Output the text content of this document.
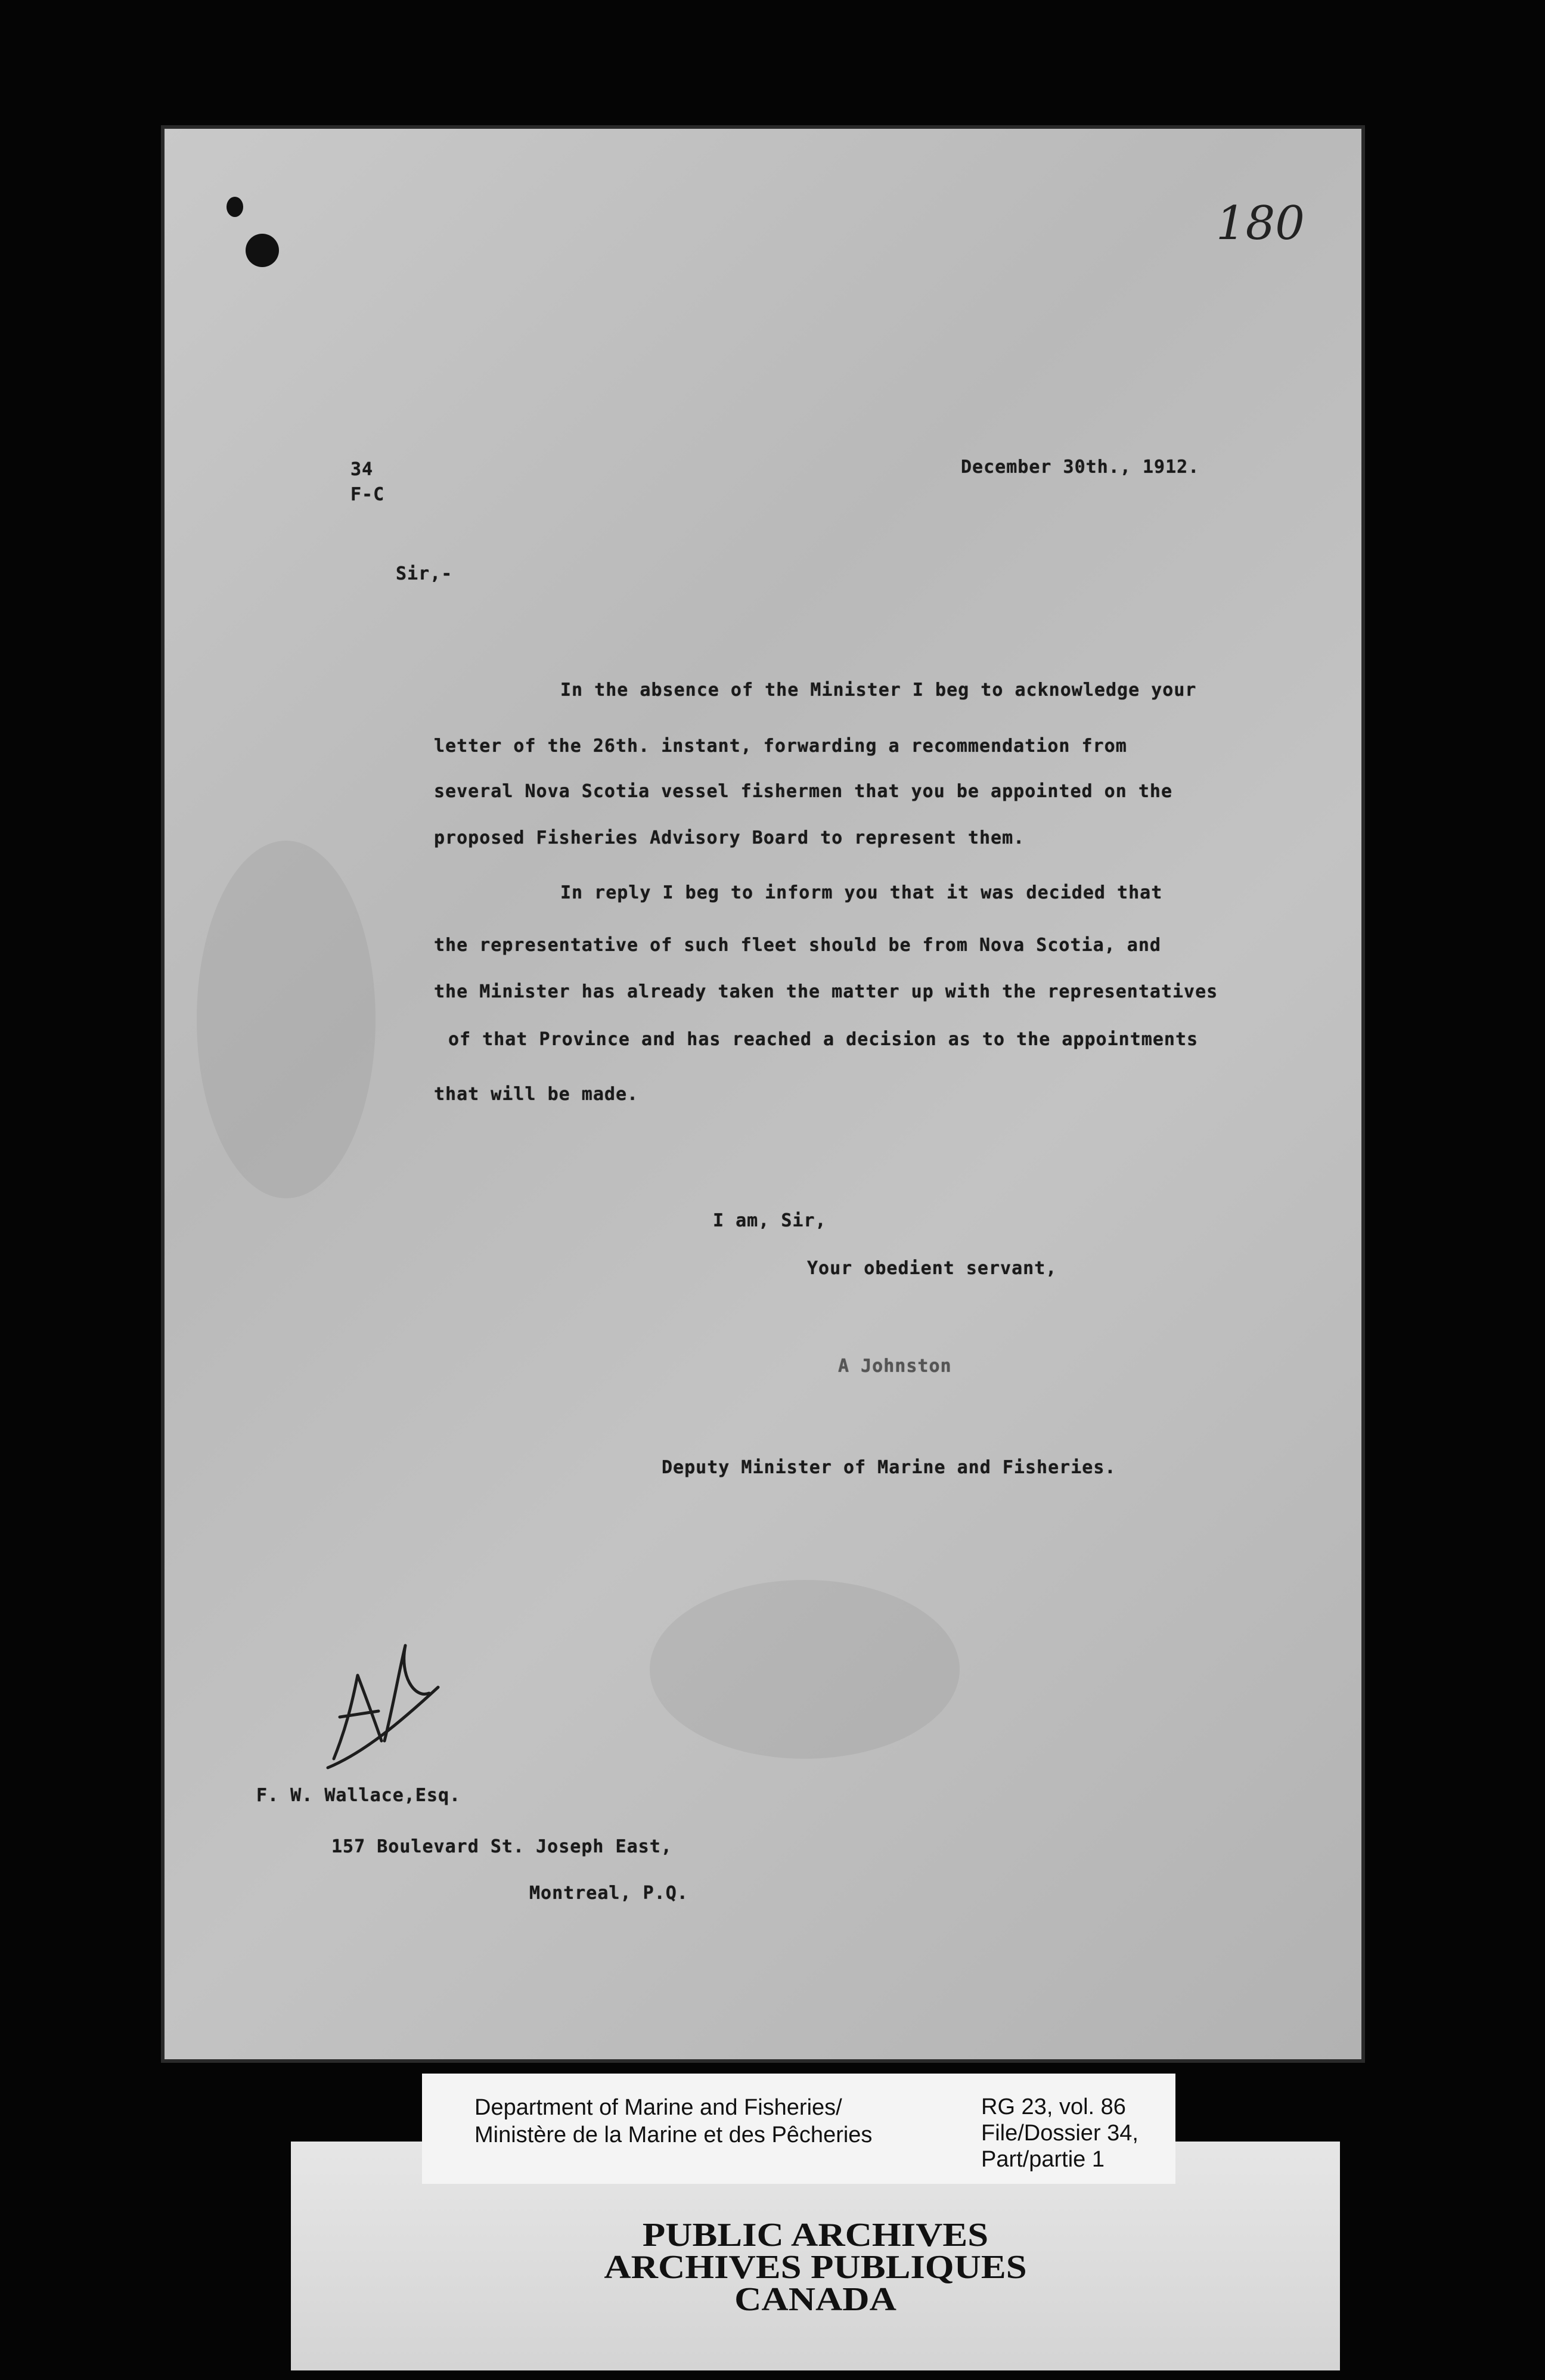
180
34
F-C
December 30th., 1912.
Sir,-
In the absence of the Minister I beg to acknowledge your
letter of the 26th. instant, forwarding a recommendation from
several Nova Scotia vessel fishermen that you be appointed on the
proposed Fisheries Advisory Board to represent them.
In reply I beg to inform you that it was decided that
the representative of such fleet should be from Nova Scotia, and
the Minister has already taken the matter up with the representatives
of that Province and has reached a decision as to the appointments
that will be made.
I am, Sir,
Your obedient servant,
A Johnston
Deputy Minister of Marine and Fisheries.
F. W. Wallace,Esq.
157 Boulevard St. Joseph East,
Montreal, P.Q.
PUBLIC ARCHIVES
ARCHIVES PUBLIQUES
CANADA
Department of Marine and Fisheries/
Ministère de la Marine et des Pêcheries
RG 23, vol. 86
File/Dossier 34,
Part/partie 1
